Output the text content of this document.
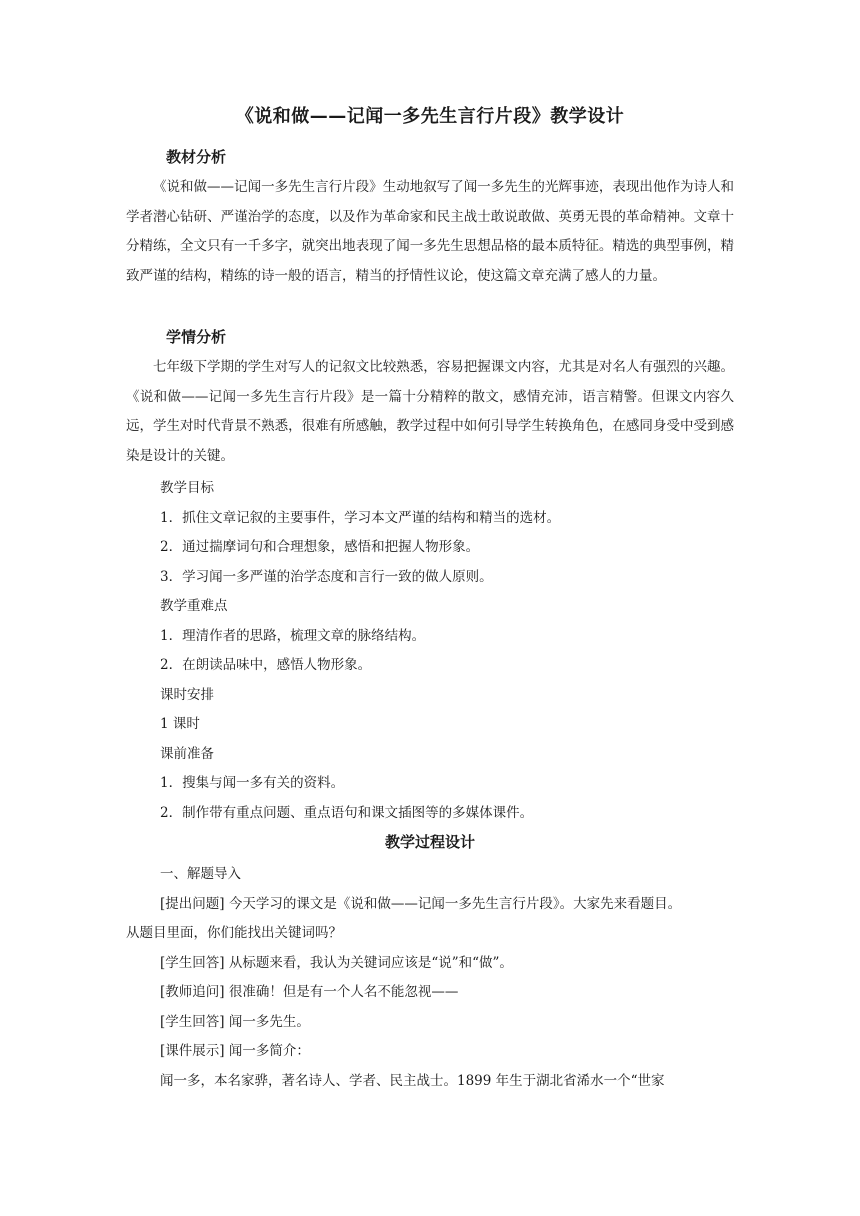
《说和做——记闻一多先生言行片段》教学设计
教材分析

《说和做——记闻一多先生言行片段》生动地叙写了闻一多先生的光辉事迹，表现出他作为诗人和学者潜心钻研、严谨治学的态度，以及作为革命家和民主战士敢说敢做、英勇无畏的革命精神。文章十分精练，全文只有一千多字，就突出地表现了闻一多先生思想品格的最本质特征。精选的典型事例，精致严谨的结构，精练的诗一般的语言，精当的抒情性议论，使这篇文章充满了感人的力量。

学情分析

七年级下学期的学生对写人的记叙文比较熟悉，容易把握课文内容，尤其是对名人有强烈的兴趣。《说和做——记闻一多先生言行片段》是一篇十分精粹的散文，感情充沛，语言精警。但课文内容久远，学生对时代背景不熟悉，很难有所感触，教学过程中如何引导学生转换角色，在感同身受中受到感染是设计的关键。

教学目标
1．抓住文章记叙的主要事件，学习本文严谨的结构和精当的选材。
2．通过揣摩词句和合理想象，感悟和把握人物形象。
3．学习闻一多严谨的治学态度和言行一致的做人原则。
教学重难点
1．理清作者的思路，梳理文章的脉络结构。
2．在朗读品味中，感悟人物形象。
课时安排
1 课时
课前准备
1．搜集与闻一多有关的资料。
2．制作带有重点问题、重点语句和课文插图等的多媒体课件。
教学过程设计
一、解题导入
[提出问题] 今天学习的课文是《说和做——记闻一多先生言行片段》。大家先来看题目。
从题目里面，你们能找出关键词吗？
[学生回答] 从标题来看，我认为关键词应该是“说”和“做”。
[教师追问] 很准确！但是有一个人名不能忽视——
[学生回答] 闻一多先生。
[课件展示] 闻一多简介：
闻一多，本名家骅，著名诗人、学者、民主战士。1899 年生于湖北省浠水一个“世家
